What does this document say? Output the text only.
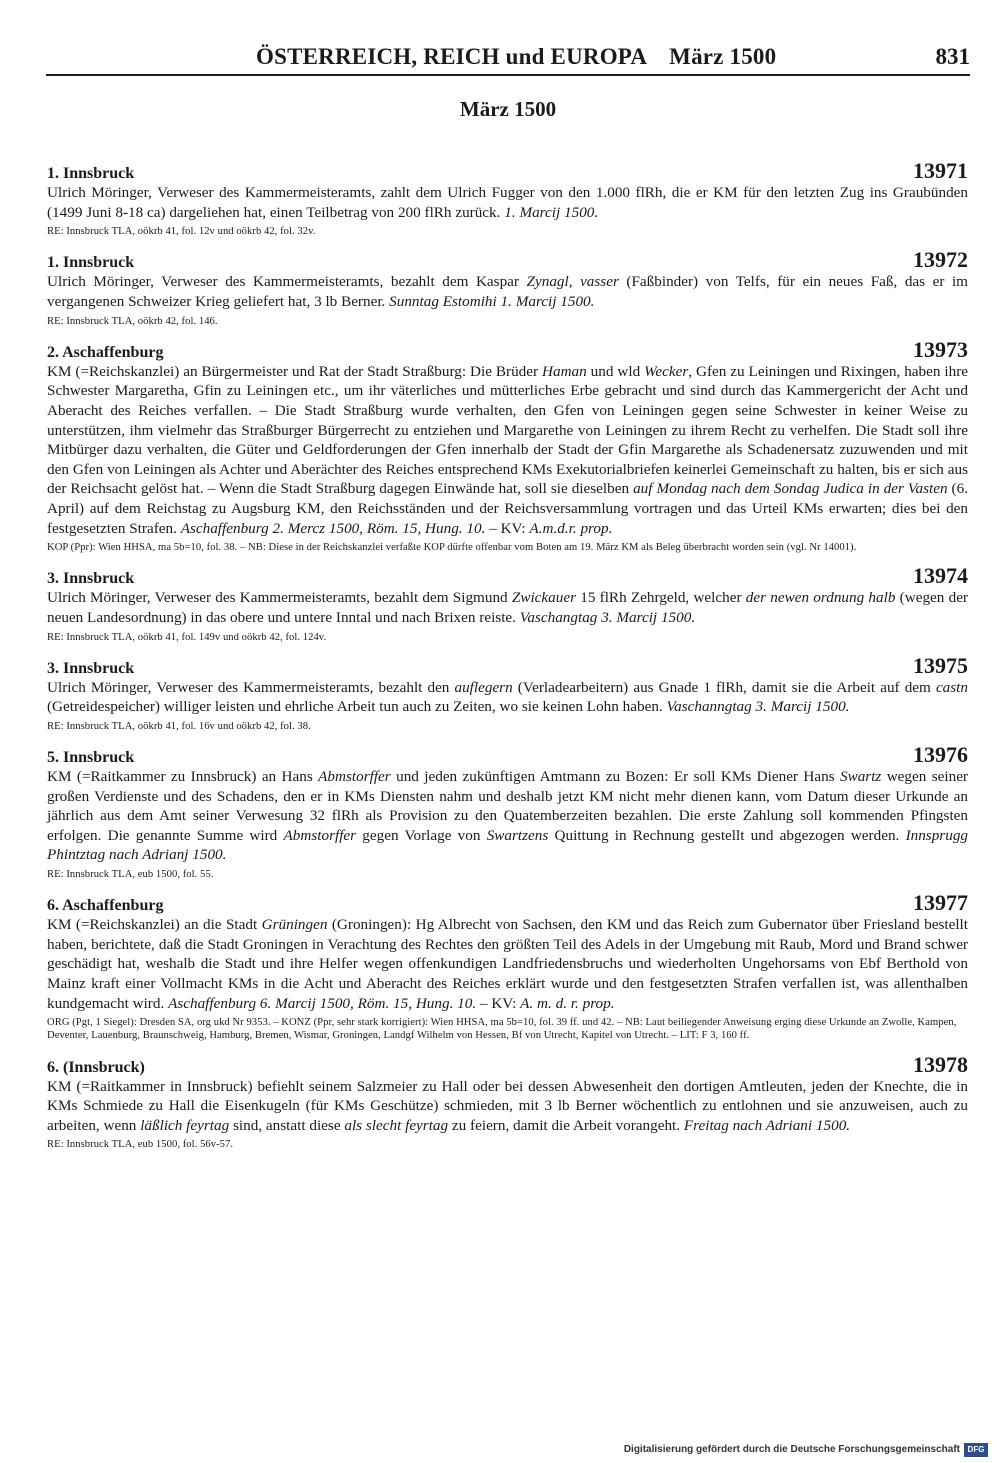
ÖSTERREICH, REICH und EUROPA März 1500	831
März 1500
1. Innsbruck	13971

Ulrich Möringer, Verweser des Kammermeisteramts, zahlt dem Ulrich Fugger von den 1.000 flRh, die er KM für den letzten Zug ins Graubünden (1499 Juni 8-18 ca) dargeliehen hat, einen Teilbetrag von 200 flRh zurück. 1. Marcij 1500.

RE: Innsbruck TLA, oökrb 41, fol. 12v und oökrb 42, fol. 32v.

1. Innsbruck	13972

Ulrich Möringer, Verweser des Kammermeisteramts, bezahlt dem Kaspar Zynagl, vasser (Faßbinder) von Telfs, für ein neues Faß, das er im vergangenen Schweizer Krieg geliefert hat, 3 lb Berner. Sunntag Estomihi 1. Marcij 1500.

RE: Innsbruck TLA, oökrb 42, fol. 146.

2. Aschaffenburg	13973

KM (=Reichskanzlei) an Bürgermeister und Rat der Stadt Straßburg: Die Brüder Haman und wld Wecker, Gfen zu Leiningen und Rixingen, haben ihre Schwester Margaretha, Gfin zu Leiningen etc., um ihr väterliches und mütterliches Erbe gebracht und sind durch das Kammergericht der Acht und Aberacht des Reiches verfallen. – Die Stadt Straßburg wurde verhalten, den Gfen von Leiningen gegen seine Schwester in keiner Weise zu unterstützen, ihm vielmehr das Straßburger Bürgerrecht zu entziehen und Margarethe von Leiningen zu ihrem Recht zu verhelfen. Die Stadt soll ihre Mitbürger dazu verhalten, die Güter und Geldforderungen der Gfen innerhalb der Stadt der Gfin Margarethe als Schadenersatz zuzuwenden und mit den Gfen von Leiningen als Achter und Aberächter des Reiches entsprechend KMs Exekutorialbriefen keinerlei Gemeinschaft zu halten, bis er sich aus der Reichsacht gelöst hat. – Wenn die Stadt Straßburg dagegen Einwände hat, soll sie dieselben auf Mondag nach dem Sondag Judica in der Vasten (6. April) auf dem Reichstag zu Augsburg KM, den Reichsständen und der Reichsversammlung vortragen und das Urteil KMs erwarten; dies bei den festgesetzten Strafen. Aschaffenburg 2. Mercz 1500, Röm. 15, Hung. 10. – KV: A.m.d.r. prop.

KOP (Ppr): Wien HHSA, ma 5b=10, fol. 38. – NB: Diese in der Reichskanzlei verfaßte KOP dürfte offenbar vom Boten am 19. März KM als Beleg überbracht worden sein (vgl. Nr 14001).

3. Innsbruck	13974

Ulrich Möringer, Verweser des Kammermeisteramts, bezahlt dem Sigmund Zwickauer 15 flRh Zehrgeld, welcher der newen ordnung halb (wegen der neuen Landesordnung) in das obere und untere Inntal und nach Brixen reiste. Vaschangtag 3. Marcij 1500.

RE: Innsbruck TLA, oökrb 41, fol. 149v und oökrb 42, fol. 124v.

3. Innsbruck	13975

Ulrich Möringer, Verweser des Kammermeisteramts, bezahlt den auflegern (Verladearbeitern) aus Gnade 1 flRh, damit sie die Arbeit auf dem castn (Getreidespeicher) williger leisten und ehrliche Arbeit tun auch zu Zeiten, wo sie keinen Lohn haben. Vaschanngtag 3. Marcij 1500.

RE: Innsbruck TLA, oökrb 41, fol. 16v und oökrb 42, fol. 38.

5. Innsbruck	13976

KM (=Raitkammer zu Innsbruck) an Hans Abmstorffer und jeden zukünftigen Amtmann zu Bozen: Er soll KMs Diener Hans Swartz wegen seiner großen Verdienste und des Schadens, den er in KMs Diensten nahm und deshalb jetzt KM nicht mehr dienen kann, vom Datum dieser Urkunde an jährlich aus dem Amt seiner Verwesung 32 flRh als Provision zu den Quatemberzeiten bezahlen. Die erste Zahlung soll kommenden Pfingsten erfolgen. Die genannte Summe wird Abmstorffer gegen Vorlage von Swartzens Quittung in Rechnung gestellt und abgezogen werden. Innsprugg Phintztag nach Adrianj 1500.

RE: Innsbruck TLA, eub 1500, fol. 55.

6. Aschaffenburg	13977

KM (=Reichskanzlei) an die Stadt Grüningen (Groningen): Hg Albrecht von Sachsen, den KM und das Reich zum Gubernator über Friesland bestellt haben, berichtete, daß die Stadt Groningen in Verachtung des Rechtes den größten Teil des Adels in der Umgebung mit Raub, Mord und Brand schwer geschädigt hat, weshalb die Stadt und ihre Helfer wegen offenkundigen Landfriedensbruchs und wiederholten Ungehorsams von Ebf Berthold von Mainz kraft einer Vollmacht KMs in die Acht und Aberacht des Reiches erklärt wurde und den festgesetzten Strafen verfallen ist, was allenthalben kundgemacht wird. Aschaffenburg 6. Marcij 1500, Röm. 15, Hung. 10. – KV: A. m. d. r. prop.

ORG (Pgt, 1 Siegel): Dresden SA, org ukd Nr 9353. – KONZ (Ppr, sehr stark korrigiert): Wien HHSA, ma 5b=10, fol. 39 ff. und 42. – NB: Laut beiliegender Anweisung erging diese Urkunde an Zwolle, Kampen, Deventer, Lauenburg, Braunschweig, Hamburg, Bremen, Wismar, Groningen, Landgf Wilhelm von Hessen, Bf von Utrecht, Kapitel von Utrecht. – LIT: F 3, 160 ff.

6. (Innsbruck)	13978

KM (=Raitkammer in Innsbruck) befiehlt seinem Salzmeier zu Hall oder bei dessen Abwesenheit den dortigen Amtleuten, jeden der Knechte, die in KMs Schmiede zu Hall die Eisenkugeln (für KMs Geschütze) schmieden, mit 3 lb Berner wöchentlich zu entlohnen und sie anzuweisen, auch zu arbeiten, wenn läßlich feyrtag sind, anstatt diese als slecht feyrtag zu feiern, damit die Arbeit vorangeht. Freitag nach Adriani 1500.

RE: Innsbruck TLA, eub 1500, fol. 56v-57.

Digitalisierung gefördert durch die Deutsche Forschungsgemeinschaft DFG
